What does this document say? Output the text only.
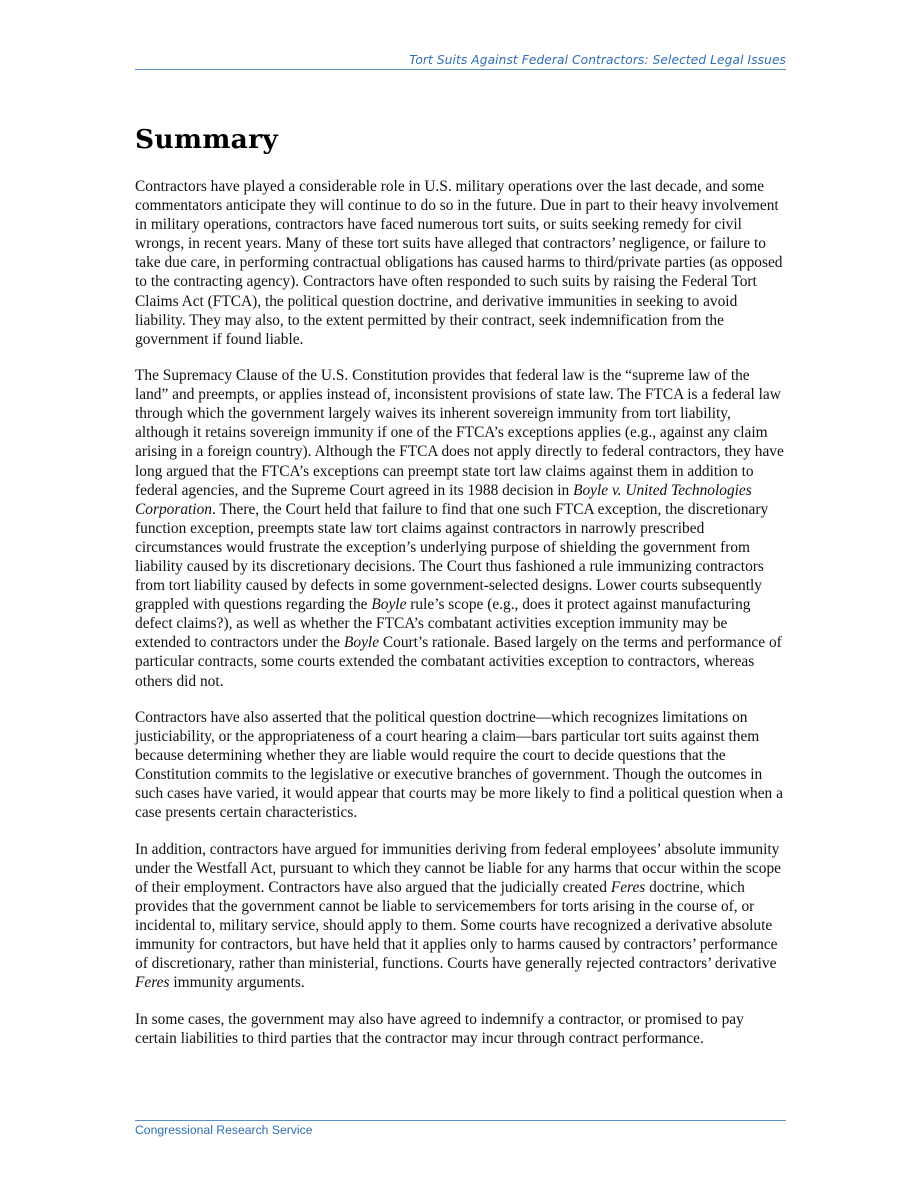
Tort Suits Against Federal Contractors: Selected Legal Issues
Summary

Contractors have played a considerable role in U.S. military operations over the last decade, and some commentators anticipate they will continue to do so in the future. Due in part to their heavy involvement in military operations, contractors have faced numerous tort suits, or suits seeking remedy for civil wrongs, in recent years. Many of these tort suits have alleged that contractors’ negligence, or failure to take due care, in performing contractual obligations has caused harms to third/private parties (as opposed to the contracting agency). Contractors have often responded to such suits by raising the Federal Tort Claims Act (FTCA), the political question doctrine, and derivative immunities in seeking to avoid liability. They may also, to the extent permitted by their contract, seek indemnification from the government if found liable.

The Supremacy Clause of the U.S. Constitution provides that federal law is the “supreme law of the land” and preempts, or applies instead of, inconsistent provisions of state law. The FTCA is a federal law through which the government largely waives its inherent sovereign immunity from tort liability, although it retains sovereign immunity if one of the FTCA’s exceptions applies (e.g., against any claim arising in a foreign country). Although the FTCA does not apply directly to federal contractors, they have long argued that the FTCA’s exceptions can preempt state tort law claims against them in addition to federal agencies, and the Supreme Court agreed in its 1988 decision in Boyle v. United Technologies Corporation. There, the Court held that failure to find that one such FTCA exception, the discretionary function exception, preempts state law tort claims against contractors in narrowly prescribed circumstances would frustrate the exception’s underlying purpose of shielding the government from liability caused by its discretionary decisions. The Court thus fashioned a rule immunizing contractors from tort liability caused by defects in some government-selected designs. Lower courts subsequently grappled with questions regarding the Boyle rule’s scope (e.g., does it protect against manufacturing defect claims?), as well as whether the FTCA’s combatant activities exception immunity may be extended to contractors under the Boyle Court’s rationale. Based largely on the terms and performance of particular contracts, some courts extended the combatant activities exception to contractors, whereas others did not.

Contractors have also asserted that the political question doctrine—which recognizes limitations on justiciability, or the appropriateness of a court hearing a claim—bars particular tort suits against them because determining whether they are liable would require the court to decide questions that the Constitution commits to the legislative or executive branches of government. Though the outcomes in such cases have varied, it would appear that courts may be more likely to find a political question when a case presents certain characteristics.

In addition, contractors have argued for immunities deriving from federal employees’ absolute immunity under the Westfall Act, pursuant to which they cannot be liable for any harms that occur within the scope of their employment. Contractors have also argued that the judicially created Feres doctrine, which provides that the government cannot be liable to servicemembers for torts arising in the course of, or incidental to, military service, should apply to them. Some courts have recognized a derivative absolute immunity for contractors, but have held that it applies only to harms caused by contractors’ performance of discretionary, rather than ministerial, functions. Courts have generally rejected contractors’ derivative Feres immunity arguments.

In some cases, the government may also have agreed to indemnify a contractor, or promised to pay certain liabilities to third parties that the contractor may incur through contract performance.

Congressional Research Service
